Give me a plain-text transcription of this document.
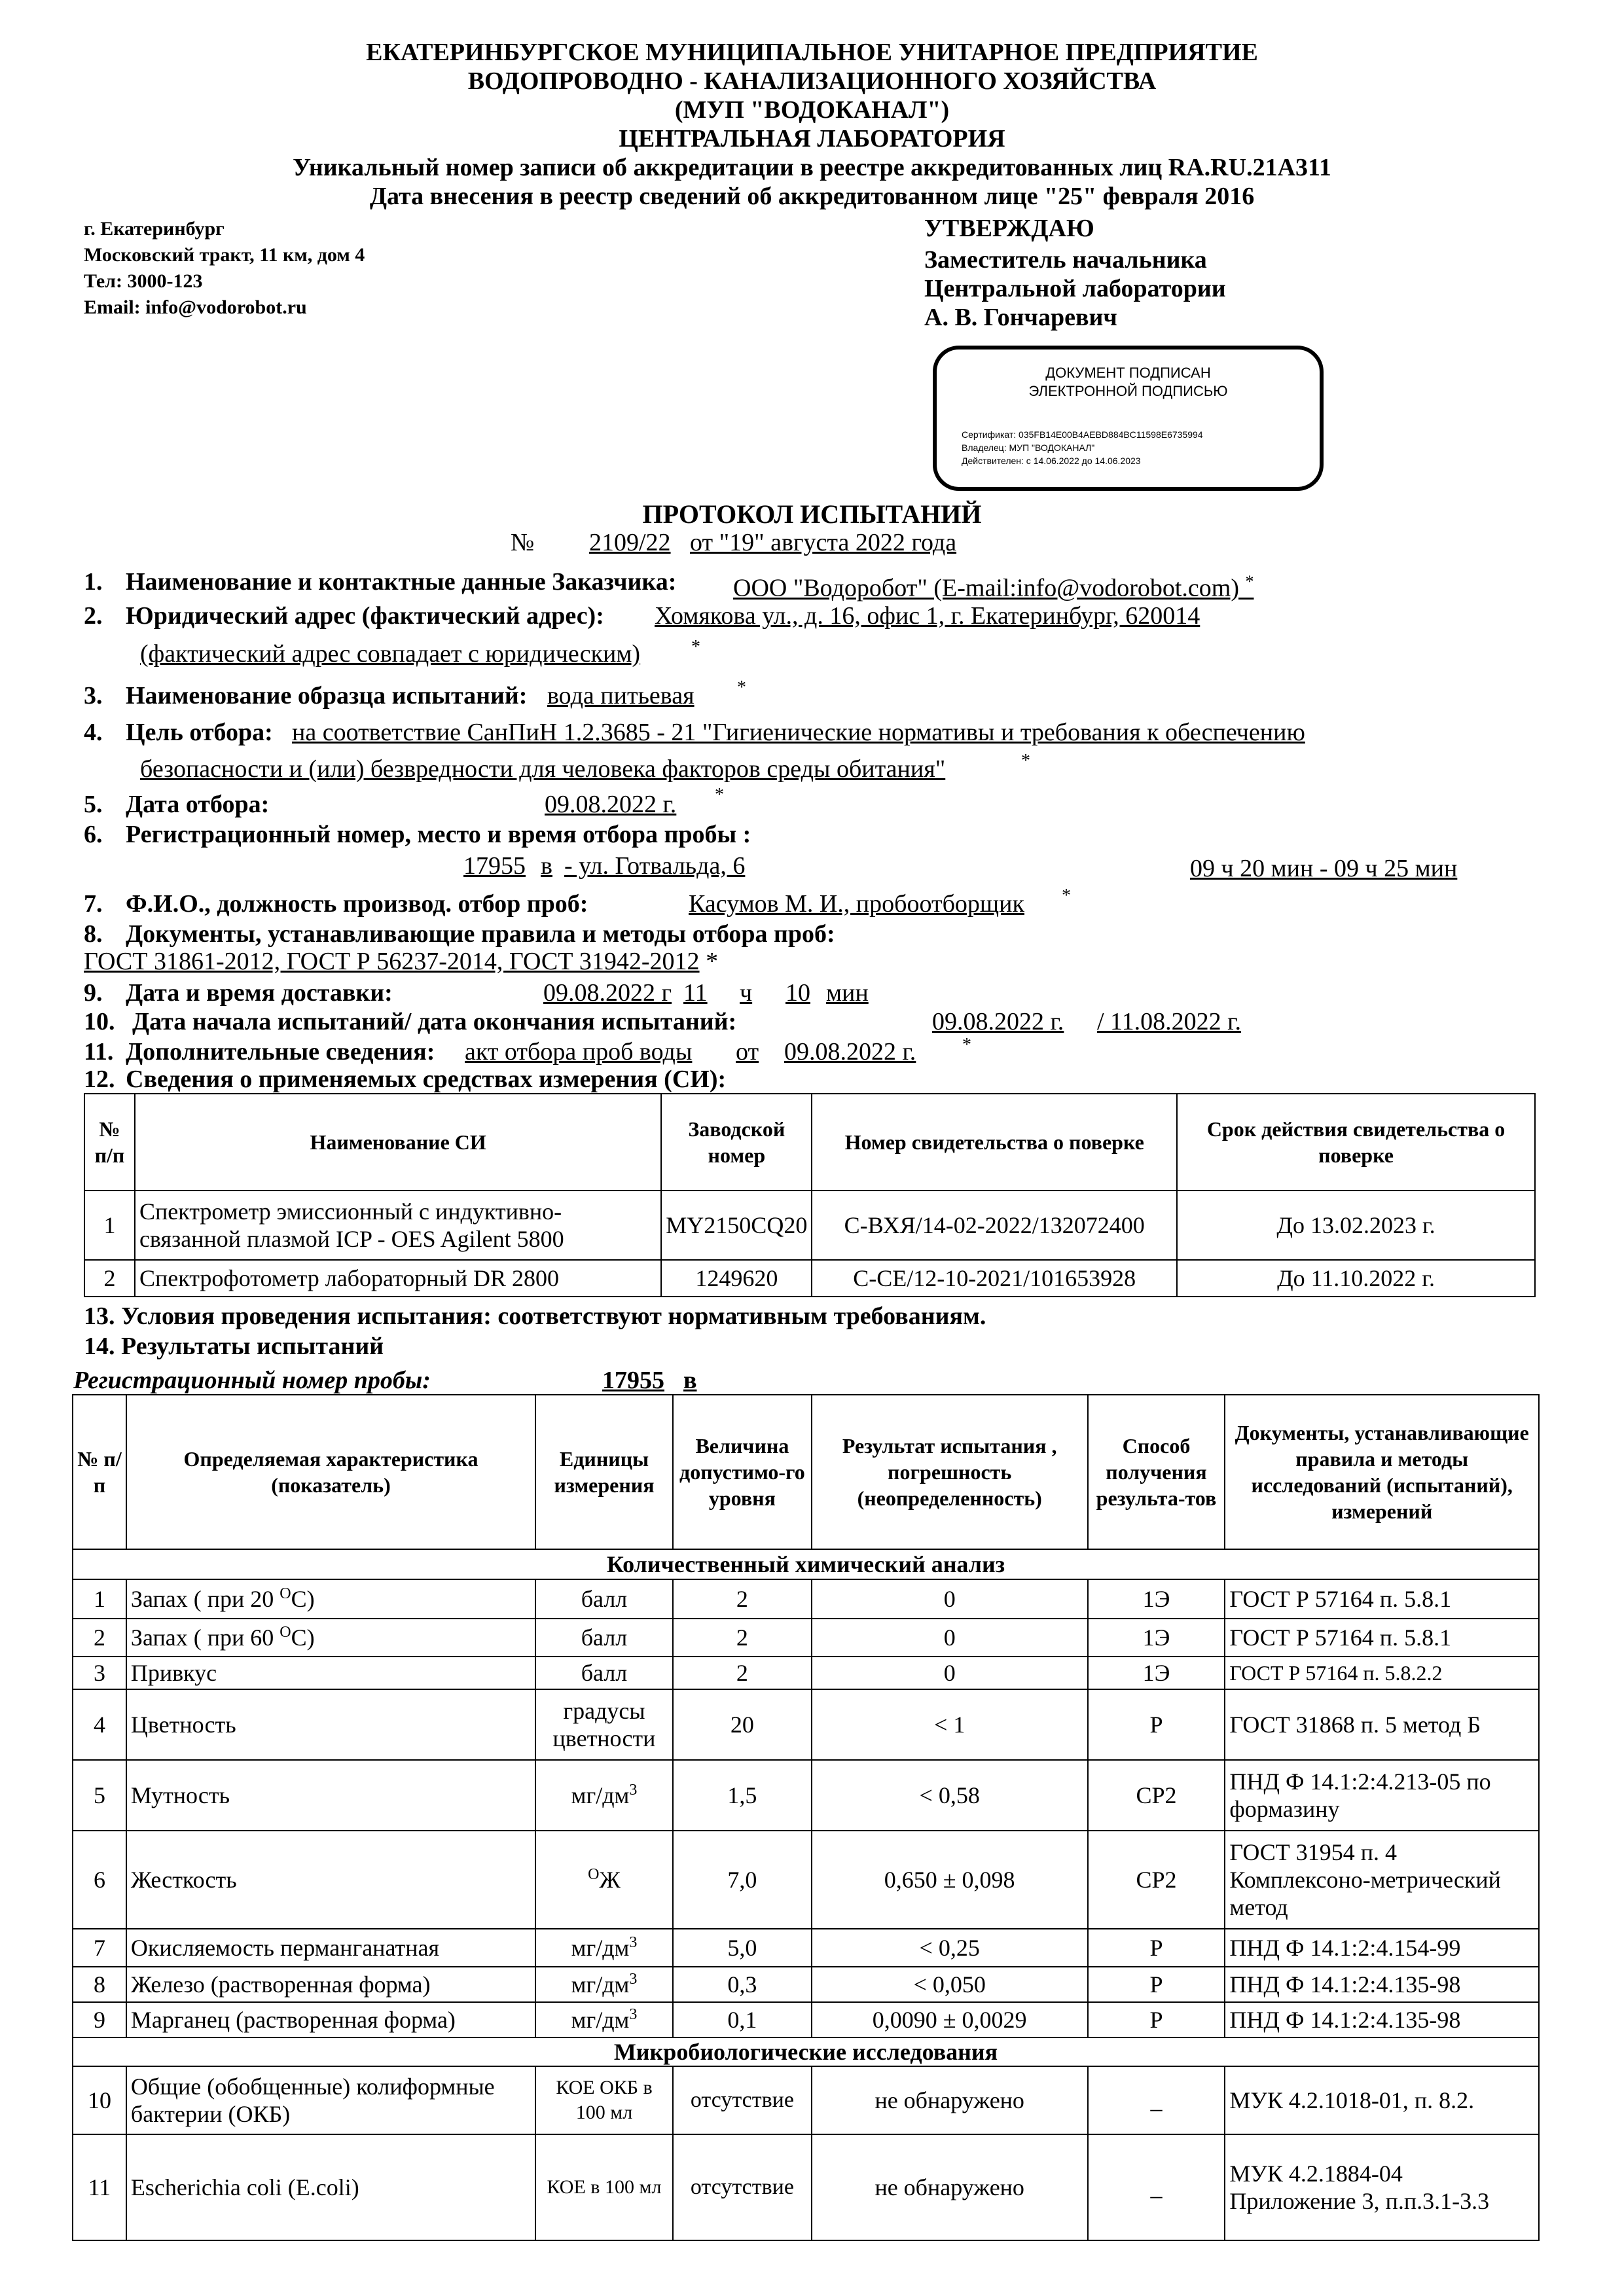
ЕКАТЕРИНБУРГСКОЕ МУНИЦИПАЛЬНОЕ УНИТАРНОЕ ПРЕДПРИЯТИЕ
ВОДОПРОВОДНО - КАНАЛИЗАЦИОННОГО ХОЗЯЙСТВА
(МУП "ВОДОКАНАЛ")
ЦЕНТРАЛЬНАЯ ЛАБОРАТОРИЯ
Уникальный номер записи об аккредитации в реестре аккредитованных лиц RA.RU.21A311
Дата внесения в реестр сведений об аккредитованном лице "25" февраля 2016
г. Екатеринбург
Московский тракт, 11 км, дом 4
Тел: 3000-123
Email: info@vodorobot.ru
УТВЕРЖДАЮ
Заместитель начальника
Центральной лаборатории
А. В. Гончаревич
ДОКУМЕНТ ПОДПИСАН
ЭЛЕКТРОННОЙ ПОДПИСЬЮ
Сертификат: 035FB14E00B4AEBD884BC11598E6735994
Владелец: МУП "ВОДОКАНАЛ"
Действителен: с 14.06.2022 до 14.06.2023
ПРОТОКОЛ ИСПЫТАНИЙ
№ 2109/22 от "19" августа 2022 года
1. Наименование и контактные данные Заказчика: ООО "Водоробот" (E-mail:info@vodorobot.com) *
2. Юридический адрес (фактический адрес): Хомякова ул., д. 16, офис 1, г. Екатеринбург, 620014
(фактический адрес совпадает с юридическим)	*
3. Наименование образца испытаний: вода питьевая *
4. Цель отбора: на соответствие СанПиН 1.2.3685 - 21 "Гигиенические нормативы и требования к обеспечению
безопасности и (или) безвредности для человека факторов среды обитания"	*
5. Дата отбора:	09.08.2022 г. *
6. Регистрационный номер, место и время отбора пробы :
17955 в - ул. Готвальда, 6	09 ч 20 мин - 09 ч 25 мин
7. Ф.И.О., должность производ. отбор проб:	Касумов М. И., пробоотборщик *
8. Документы, устанавливающие правила и методы отбора проб:
ГОСТ 31861-2012, ГОСТ Р 56237-2014, ГОСТ 31942-2012 *
9. Дата и время доставки:	09.08.2022 г 11 ч 10 мин
10. Дата начала испытаний/ дата окончания испытаний:	09.08.2022 г. / 11.08.2022 г.
11. Дополнительные сведения: акт отбора проб воды от 09.08.2022 г.	*
12. Сведения о применяемых средствах измерения (СИ):
№ п/п	Наименование СИ	Заводской номер	Номер свидетельства о поверке	Срок действия свидетельства о поверке
1	Спектрометр эмиссионный с индуктивно-связанной плазмой ICP - OES Agilent 5800	MY2150CQ20	С-ВХЯ/14-02-2022/132072400	До 13.02.2023 г.
2	Спектрофотометр лабораторный DR 2800	1249620	С-СЕ/12-10-2021/101653928	До 11.10.2022 г.
13. Условия проведения испытания: соответствуют нормативным требованиям.
14. Результаты испытаний
Регистрационный номер пробы:	17955 в
№ п/п	Определяемая характеристика (показатель)	Единицы измерения	Величина допустимо-го уровня	Результат испытания , погрешность (неопределенность)	Способ получения результа-тов	Документы, устанавливающие правила и методы исследований (испытаний), измерений
Количественный химический анализ						
1	Запах ( при 20 $^О$С)	балл	2	0	1Э	ГОСТ Р 57164 п. 5.8.1
2	Запах ( при 60 $^О$С)	балл	2	0	1Э	ГОСТ Р 57164 п. 5.8.1
3	Привкус	балл	2	0	1Э	ГОСТ Р 57164 п. 5.8.2.2
4	Цветность	градусы цветности	20	< 1	Р	ГОСТ 31868 п. 5 метод Б
5	Мутность	$мг/дм^3$	1,5	< 0,58	СР2	ПНД Ф 14.1:2:4.213-05 по формазину
6	Жесткость	$^О$Ж	7,0	0,650 ± 0,098	СР2	ГОСТ 31954 п. 4 Комплексоно-метрический метод
7	Окисляемость перманганатная	$мг/дм^3$	5,0	< 0,25	Р	ПНД Ф 14.1:2:4.154-99
8	Железо (растворенная форма)	$мг/дм^3$	0,3	< 0,050	Р	ПНД Ф 14.1:2:4.135-98
9	Марганец (растворенная форма)	$мг/дм^3$	0,1	0,0090 ± 0,0029	Р	ПНД Ф 14.1:2:4.135-98
Микробиологические исследования						
10	Общие (обобщенные) колиформные бактерии (ОКБ)	КОЕ ОКБ в 100 мл	отсутствие	не обнаружено	_	МУК 4.2.1018-01, п. 8.2.
11	Escherichia coli (E.coli)	КОЕ в 100 мл	отсутствие	не обнаружено	_	МУК 4.2.1884-04 Приложение 3, п.п.3.1-3.3
